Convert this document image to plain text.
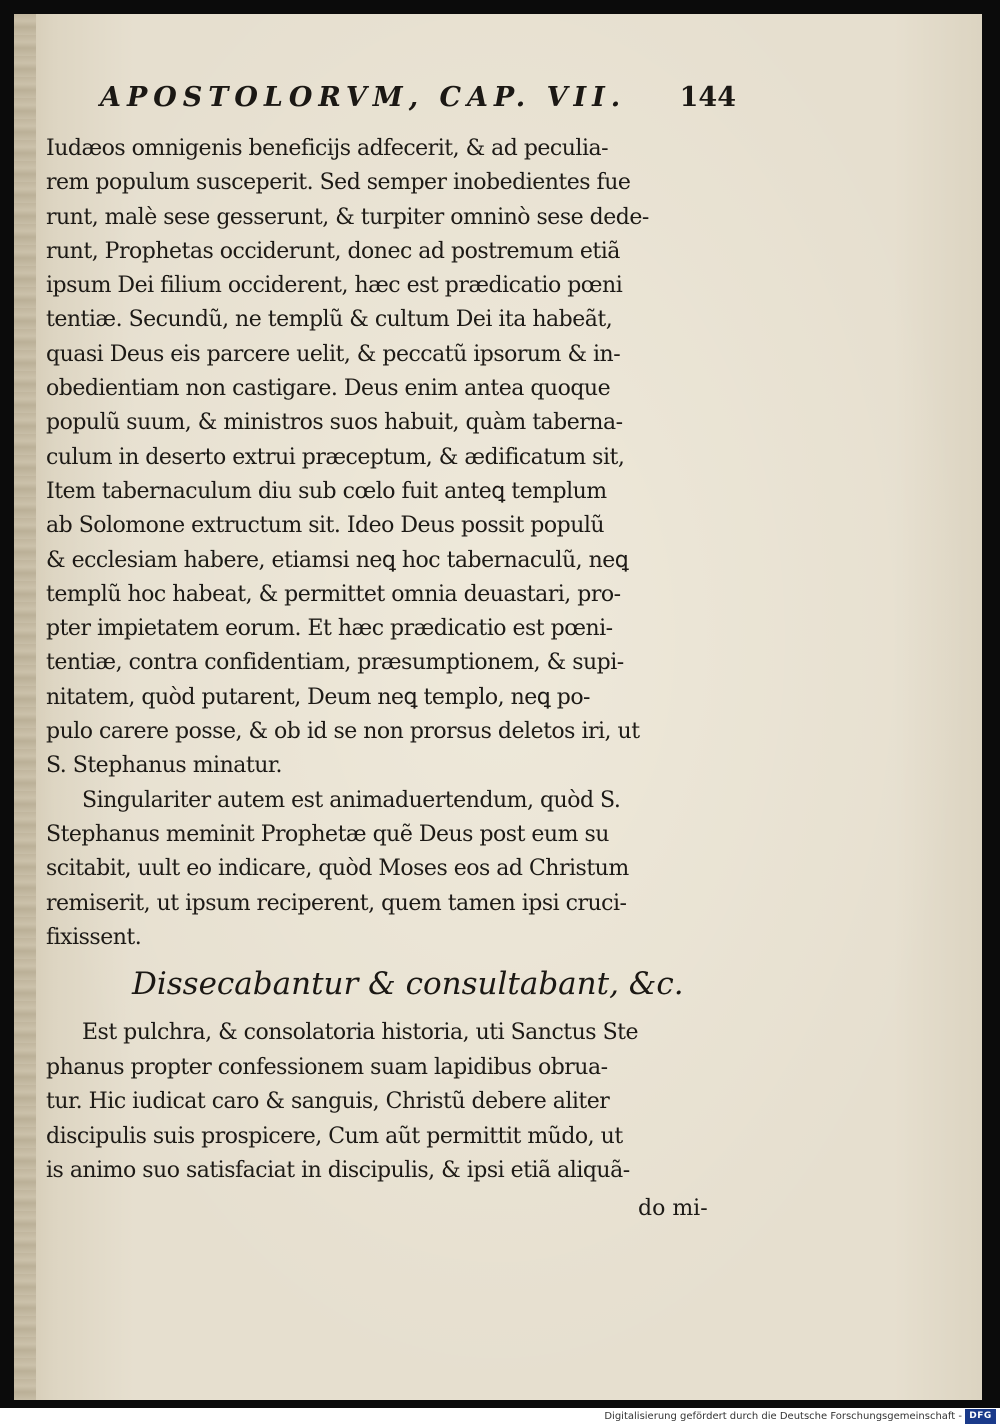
APOSTOLORVM, CAP. VII.	144
Iudæos omnigenis beneficijs adfecerit, & ad peculia-
rem populum susceperit. Sed semper inobedientes fue
runt, malè sese gesserunt, & turpiter omninò sese dede-
runt, Prophetas occiderunt, donec ad postremum etiã
ipsum Dei filium occiderent, hæc est prædicatio pœni
tentiæ. Secundũ, ne templũ & cultum Dei ita habeãt,
quasi Deus eis parcere uelit, & peccatũ ipsorum & in-
obedientiam non castigare. Deus enim antea quoque
populũ suum, & ministros suos habuit, quàm taberna-
culum in deserto extrui præceptum, & ædificatum sit,
Item tabernaculum diu sub cœlo fuit anteꝗ templum
ab Solomone extructum sit. Ideo Deus possit populũ
& ecclesiam habere, etiamsi neꝗ hoc tabernaculũ, neꝗ
templũ hoc habeat, & permittet omnia deuastari, pro-
pter impietatem eorum. Et hæc prædicatio est pœni-
tentiæ, contra confidentiam, præsumptionem, & supi-
nitatem, quòd putarent, Deum neꝗ templo, neꝗ po-
pulo carere posse, & ob id se non prorsus deletos iri, ut
S. Stephanus minatur.
Singulariter autem est animaduertendum, quòd S.
Stephanus meminit Prophetæ quẽ Deus post eum su
scitabit, uult eo indicare, quòd Moses eos ad Christum
remiserit, ut ipsum reciperent, quem tamen ipsi cruci-
fixissent.
Dissecabantur & consultabant, &c.
Est pulchra, & consolatoria historia, uti Sanctus Ste
phanus propter confessionem suam lapidibus obrua-
tur. Hic iudicat caro & sanguis, Christũ debere aliter
discipulis suis prospicere, Cum aũt permittit mũdo, ut
is animo suo satisfaciat in discipulis, & ipsi etiã aliquã-
do mi-
Digitalisierung gefördert durch die Deutsche Forschungsgemeinschaft - DFG
